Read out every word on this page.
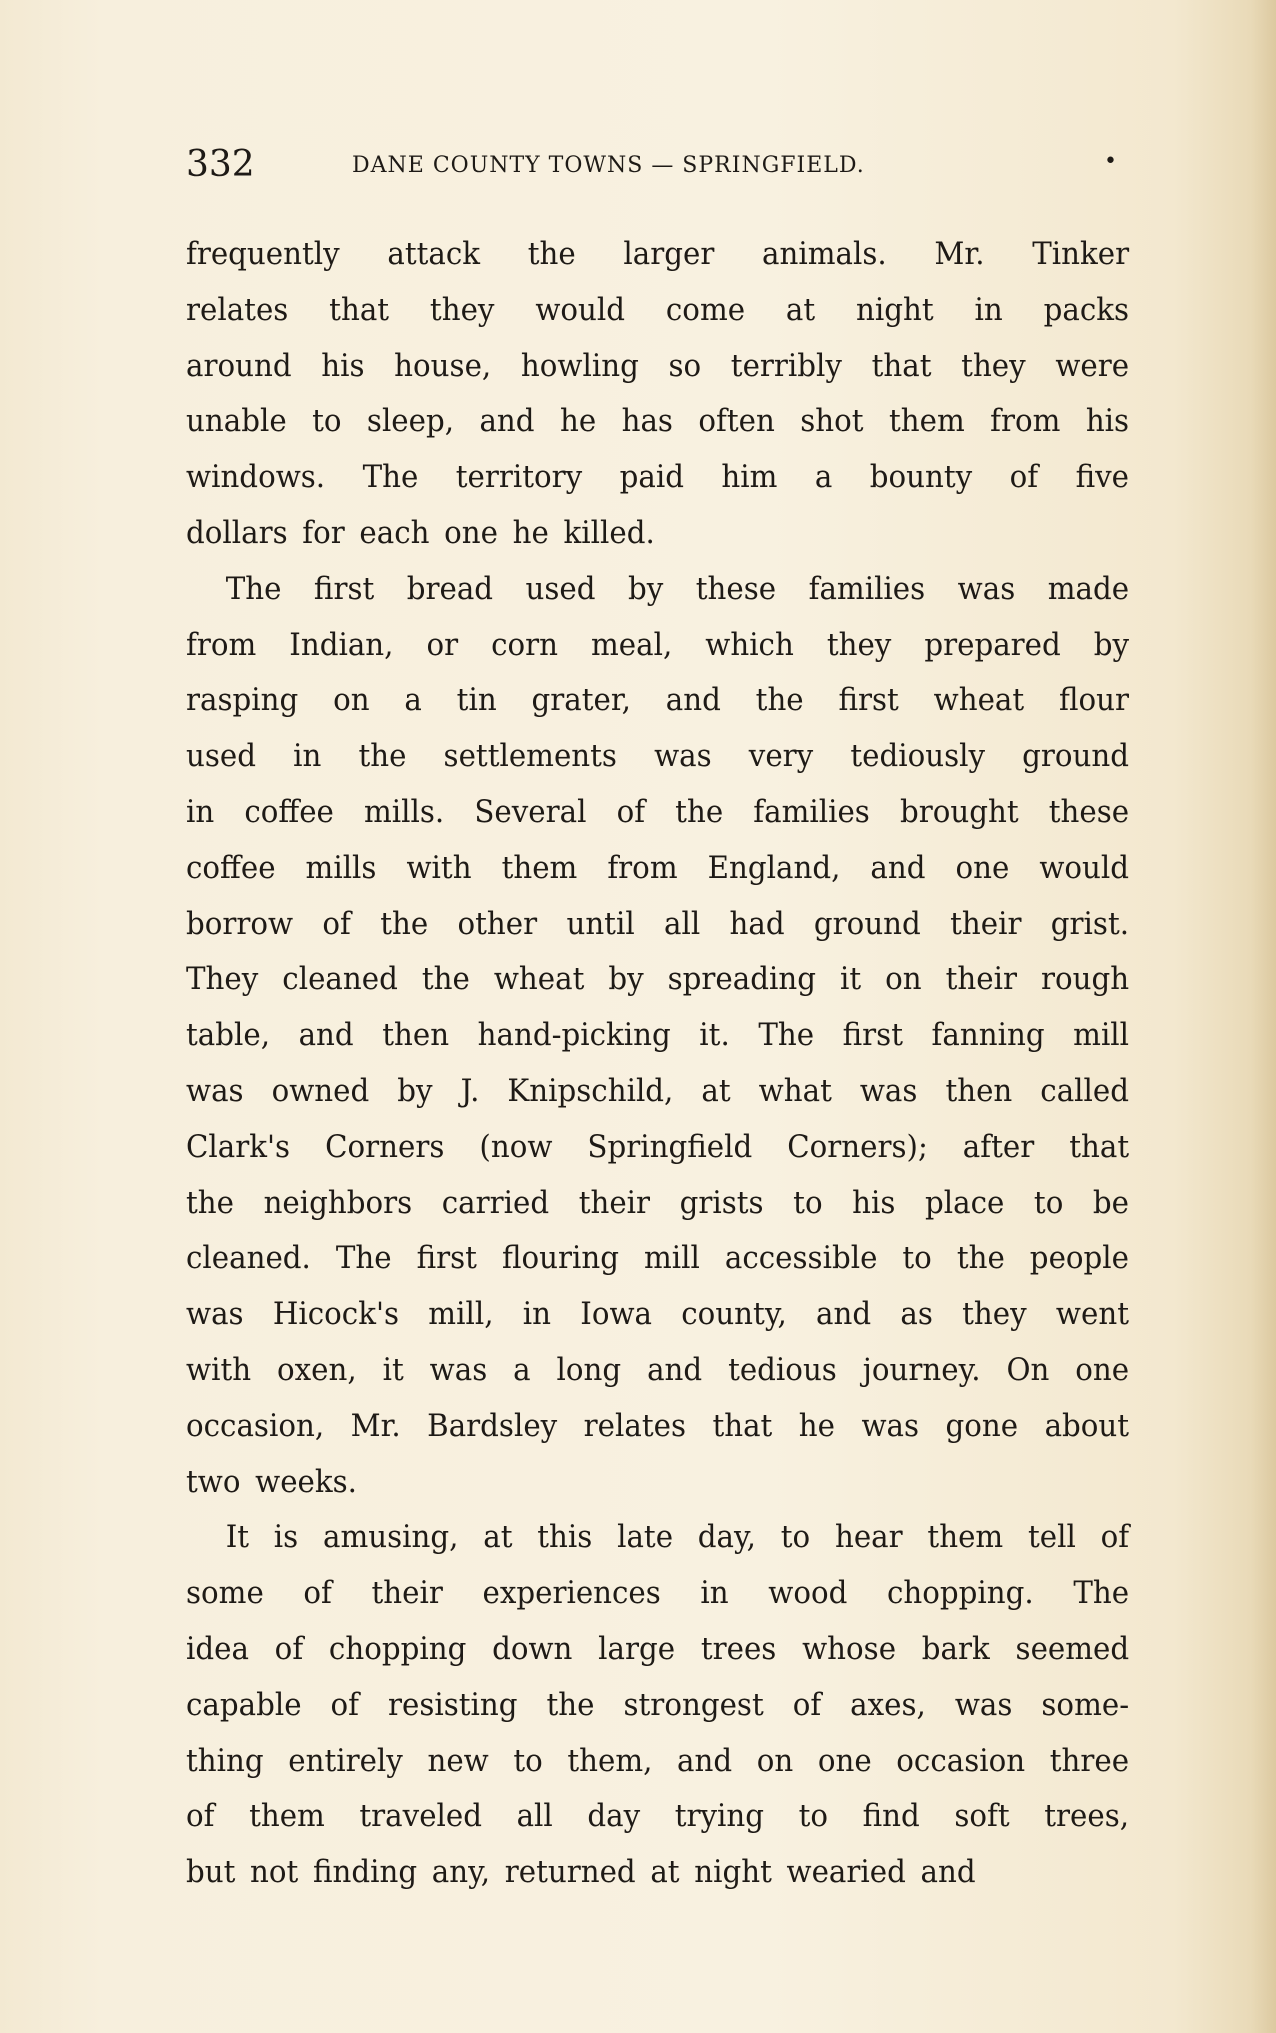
332	DANE COUNTY TOWNS — SPRINGFIELD.	•
frequently attack the larger animals. Mr. Tinker
relates that they would come at night in packs
around his house, howling so terribly that they were
unable to sleep, and he has often shot them from his
windows. The territory paid him a bounty of five
dollars for each one he killed.
The first bread used by these families was made
from Indian, or corn meal, which they prepared by
rasping on a tin grater, and the first wheat flour
used in the settlements was very tediously ground
in coffee mills. Several of the families brought these
coffee mills with them from England, and one would
borrow of the other until all had ground their grist.
They cleaned the wheat by spreading it on their rough
table, and then hand-picking it. The first fanning mill
was owned by J. Knipschild, at what was then called
Clark's Corners (now Springfield Corners); after that
the neighbors carried their grists to his place to be
cleaned. The first flouring mill accessible to the people
was Hicock's mill, in Iowa county, and as they went
with oxen, it was a long and tedious journey. On one
occasion, Mr. Bardsley relates that he was gone about
two weeks.
It is amusing, at this late day, to hear them tell of
some of their experiences in wood chopping. The
idea of chopping down large trees whose bark seemed
capable of resisting the strongest of axes, was some-
thing entirely new to them, and on one occasion three
of them traveled all day trying to find soft trees,
but not finding any, returned at night wearied and
